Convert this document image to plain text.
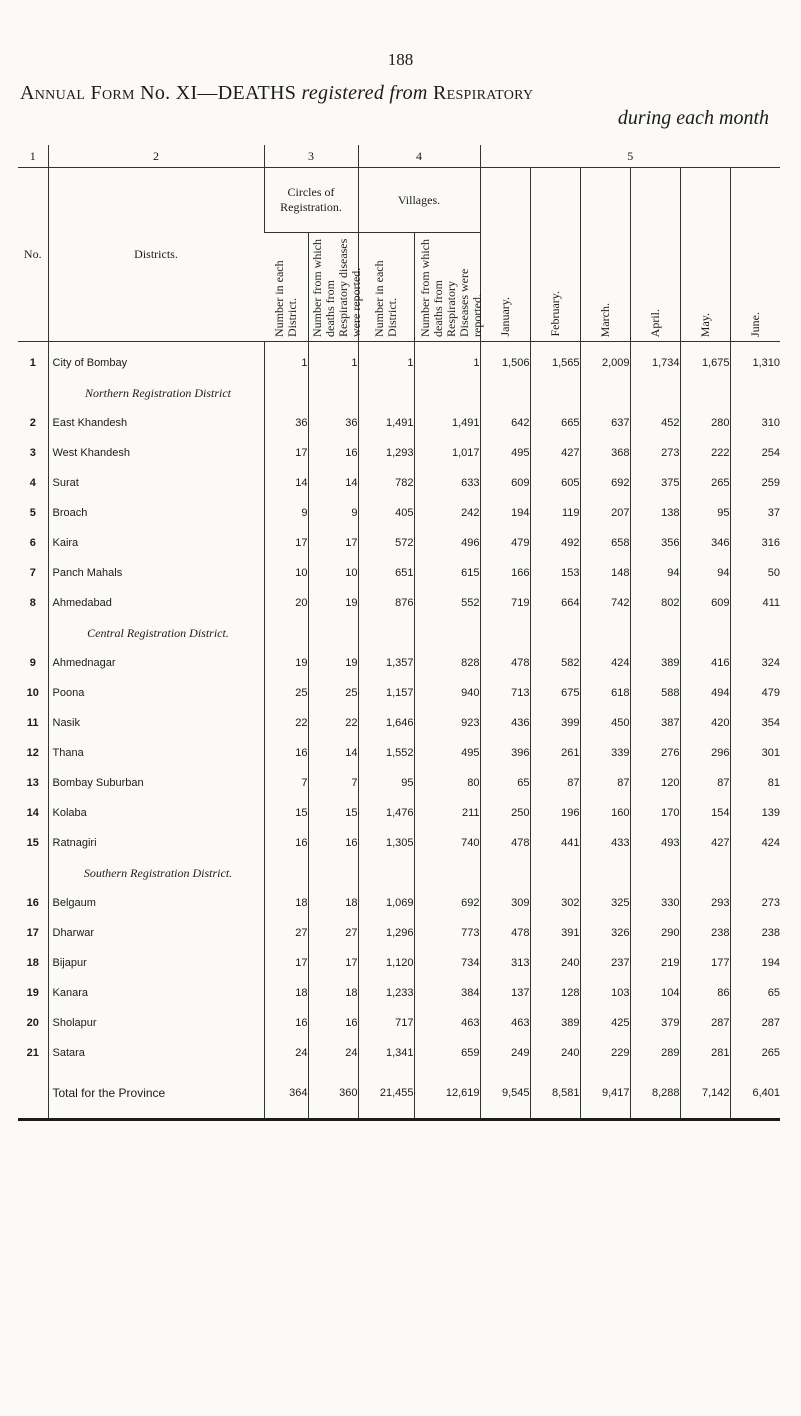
188
Annual Form No. XI—DEATHS registered from Respiratory
during each month
1	2	3		4		5					
No.	Districts.	Circles of Registration.		Villages.		January.	February.	March.	April.	May.	June.

		Number in each District.	Number from which deaths from Respiratory diseases were reported.	Number in each District.	Number from which deaths from Respiratory Diseases were reported.						

1	City of Bombay	1	1	1	1	1,506	1,565	2,009	1,734	1,675	1,310
	Northern Registration District										
2	East Khandesh	36	36	1,491	1,491	642	665	637	452	280	310
3	West Khandesh	17	16	1,293	1,017	495	427	368	273	222	254
4	Surat	14	14	782	633	609	605	692	375	265	259
5	Broach	9	9	405	242	194	119	207	138	95	37
6	Kaira	17	17	572	496	479	492	658	356	346	316
7	Panch Mahals	10	10	651	615	166	153	148	94	94	50
8	Ahmedabad	20	19	876	552	719	664	742	802	609	411
	Central Registration District.										
9	Ahmednagar	19	19	1,357	828	478	582	424	389	416	324
10	Poona	25	25	1,157	940	713	675	618	588	494	479
11	Nasik	22	22	1,646	923	436	399	450	387	420	354
12	Thana	16	14	1,552	495	396	261	339	276	296	301
13	Bombay Suburban	7	7	95	80	65	87	87	120	87	81
14	Kolaba	15	15	1,476	211	250	196	160	170	154	139
15	Ratnagiri	16	16	1,305	740	478	441	433	493	427	424
	Southern Registration District.										
16	Belgaum	18	18	1,069	692	309	302	325	330	293	273
17	Dharwar	27	27	1,296	773	478	391	326	290	238	238
18	Bijapur	17	17	1,120	734	313	240	237	219	177	194
19	Kanara	18	18	1,233	384	137	128	103	104	86	65
20	Sholapur	16	16	717	463	463	389	425	379	287	287
21	Satara	24	24	1,341	659	249	240	229	289	281	265
	Total for the Province	364	360	21,455	12,619	9,545	8,581	9,417	8,288	7,142	6,401
